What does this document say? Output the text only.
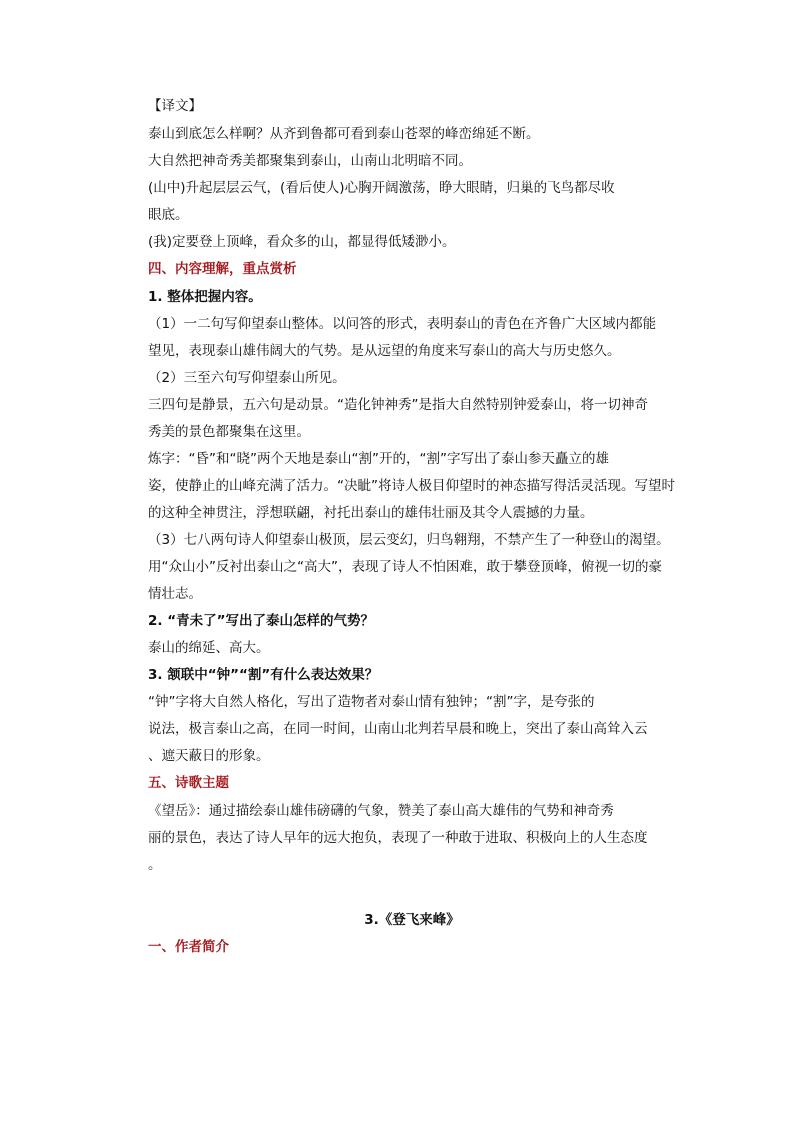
【译文】
泰山到底怎么样啊？从齐到鲁都可看到泰山苍翠的峰峦绵延不断。
大自然把神奇秀美都聚集到泰山，山南山北明暗不同。
(山中)升起层层云气，(看后使人)心胸开阔激荡，睁大眼睛，归巢的飞鸟都尽收
眼底。
(我)定要登上顶峰，看众多的山，都显得低矮渺小。
四、内容理解，重点赏析
1. 整体把握内容。
（1）一二句写仰望泰山整体。以问答的形式，表明泰山的青色在齐鲁广大区域内都能
望见，表现泰山雄伟阔大的气势。是从远望的角度来写泰山的高大与历史悠久。
（2）三至六句写仰望泰山所见。
三四句是静景，五六句是动景。“造化钟神秀”是指大自然特别钟爱泰山，将一切神奇
秀美的景色都聚集在这里。
炼字：“昏”和“晓”两个天地是泰山“割”开的，“割”字写出了泰山参天矗立的雄
姿，使静止的山峰充满了活力。“决眦”将诗人极目仰望时的神态描写得活灵活现。写望时
的这种全神贯注，浮想联翩，衬托出泰山的雄伟壮丽及其令人震撼的力量。
（3）七八两句诗人仰望泰山极顶，层云变幻，归鸟翱翔，不禁产生了一种登山的渴望。
用“众山小”反衬出泰山之“高大”，表现了诗人不怕困难，敢于攀登顶峰，俯视一切的豪
情壮志。
2. “青未了”写出了泰山怎样的气势？
泰山的绵延、高大。
3. 颔联中“钟”“割”有什么表达效果？
“钟”字将大自然人格化，写出了造物者对泰山情有独钟；“割”字，是夸张的
说法，极言泰山之高，在同一时间，山南山北判若早晨和晚上，突出了泰山高耸入云
、遮天蔽日的形象。
五、诗歌主题
《望岳》：通过描绘泰山雄伟磅礴的气象，赞美了泰山高大雄伟的气势和神奇秀
丽的景色，表达了诗人早年的远大抱负，表现了一种敢于进取、积极向上的人生态度
。
3.《登飞来峰》
一、作者简介
